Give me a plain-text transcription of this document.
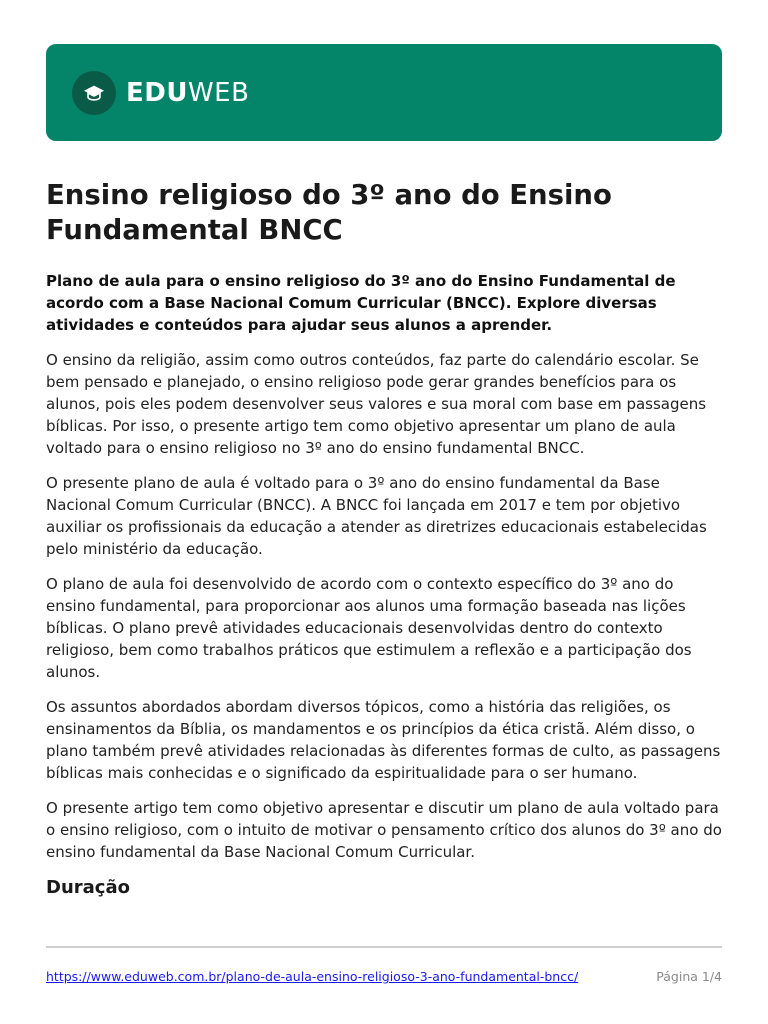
EDUWEB
Ensino religioso do 3º ano do Ensino Fundamental BNCC

Plano de aula para o ensino religioso do 3º ano do Ensino Fundamental de acordo com a Base Nacional Comum Curricular (BNCC). Explore diversas atividades e conteúdos para ajudar seus alunos a aprender.

O ensino da religião, assim como outros conteúdos, faz parte do calendário escolar. Se bem pensado e planejado, o ensino religioso pode gerar grandes benefícios para os alunos, pois eles podem desenvolver seus valores e sua moral com base em passagens bíblicas. Por isso, o presente artigo tem como objetivo apresentar um plano de aula voltado para o ensino religioso no 3º ano do ensino fundamental BNCC.

O presente plano de aula é voltado para o 3º ano do ensino fundamental da Base Nacional Comum Curricular (BNCC). A BNCC foi lançada em 2017 e tem por objetivo auxiliar os profissionais da educação a atender as diretrizes educacionais estabelecidas pelo ministério da educação.

O plano de aula foi desenvolvido de acordo com o contexto específico do 3º ano do ensino fundamental, para proporcionar aos alunos uma formação baseada nas lições bíblicas. O plano prevê atividades educacionais desenvolvidas dentro do contexto religioso, bem como trabalhos práticos que estimulem a reflexão e a participação dos alunos.

Os assuntos abordados abordam diversos tópicos, como a história das religiões, os ensinamentos da Bíblia, os mandamentos e os princípios da ética cristã. Além disso, o plano também prevê atividades relacionadas às diferentes formas de culto, as passagens bíblicas mais conhecidas e o significado da espiritualidade para o ser humano.

O presente artigo tem como objetivo apresentar e discutir um plano de aula voltado para o ensino religioso, com o intuito de motivar o pensamento crítico dos alunos do 3º ano do ensino fundamental da Base Nacional Comum Curricular.

Duração
https://www.eduweb.com.br/plano-de-aula-ensino-religioso-3-ano-fundamental-bncc/	Página 1/4
